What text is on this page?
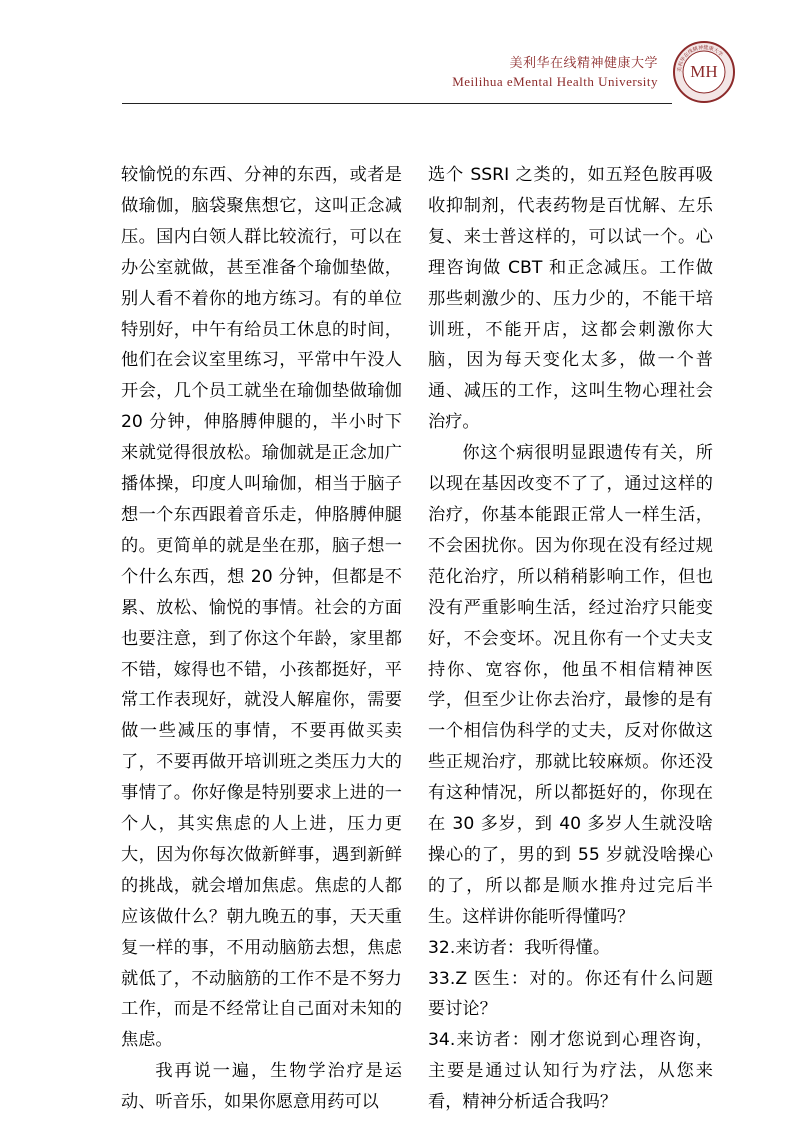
美利华在线精神健康大学
Meilihua eMental Health University
美利华在线精神健康大学
MH

较愉悦的东西、分神的东西，或者是做瑜伽，脑袋聚焦想它，这叫正念减压。国内白领人群比较流行，可以在办公室就做，甚至准备个瑜伽垫做，别人看不着你的地方练习。有的单位特别好，中午有给员工休息的时间，他们在会议室里练习，平常中午没人开会，几个员工就坐在瑜伽垫做瑜伽 20 分钟，伸胳膊伸腿的，半小时下来就觉得很放松。瑜伽就是正念加广播体操，印度人叫瑜伽，相当于脑子想一个东西跟着音乐走，伸胳膊伸腿的。更简单的就是坐在那，脑子想一个什么东西，想 20 分钟，但都是不累、放松、愉悦的事情。社会的方面也要注意，到了你这个年龄，家里都不错，嫁得也不错，小孩都挺好，平常工作表现好，就没人解雇你，需要做一些减压的事情，不要再做买卖了，不要再做开培训班之类压力大的事情了。你好像是特别要求上进的一个人，其实焦虑的人上进，压力更大，因为你每次做新鲜事，遇到新鲜的挑战，就会增加焦虑。焦虑的人都应该做什么？朝九晚五的事，天天重复一样的事，不用动脑筋去想，焦虑就低了，不动脑筋的工作不是不努力工作，而是不经常让自己面对未知的焦虑。

我再说一遍，生物学治疗是运动、听音乐，如果你愿意用药可以

选个 SSRI 之类的，如五羟色胺再吸收抑制剂，代表药物是百忧解、左乐复、来士普这样的，可以试一个。心理咨询做 CBT 和正念减压。工作做那些刺激少的、压力少的，不能干培训班，不能开店，这都会刺激你大脑，因为每天变化太多，做一个普通、减压的工作，这叫生物心理社会治疗。

你这个病很明显跟遗传有关，所以现在基因改变不了了，通过这样的治疗，你基本能跟正常人一样生活，不会困扰你。因为你现在没有经过规范化治疗，所以稍稍影响工作，但也没有严重影响生活，经过治疗只能变好，不会变坏。况且你有一个丈夫支持你、宽容你，他虽不相信精神医学，但至少让你去治疗，最惨的是有一个相信伪科学的丈夫，反对你做这些正规治疗，那就比较麻烦。你还没有这种情况，所以都挺好的，你现在在 30 多岁，到 40 多岁人生就没啥操心的了，男的到 55 岁就没啥操心的了，所以都是顺水推舟过完后半生。这样讲你能听得懂吗？

32.来访者：我听得懂。

33.Z 医生：对的。你还有什么问题要讨论？

34.来访者：刚才您说到心理咨询，主要是通过认知行为疗法，从您来看，精神分析适合我吗？
